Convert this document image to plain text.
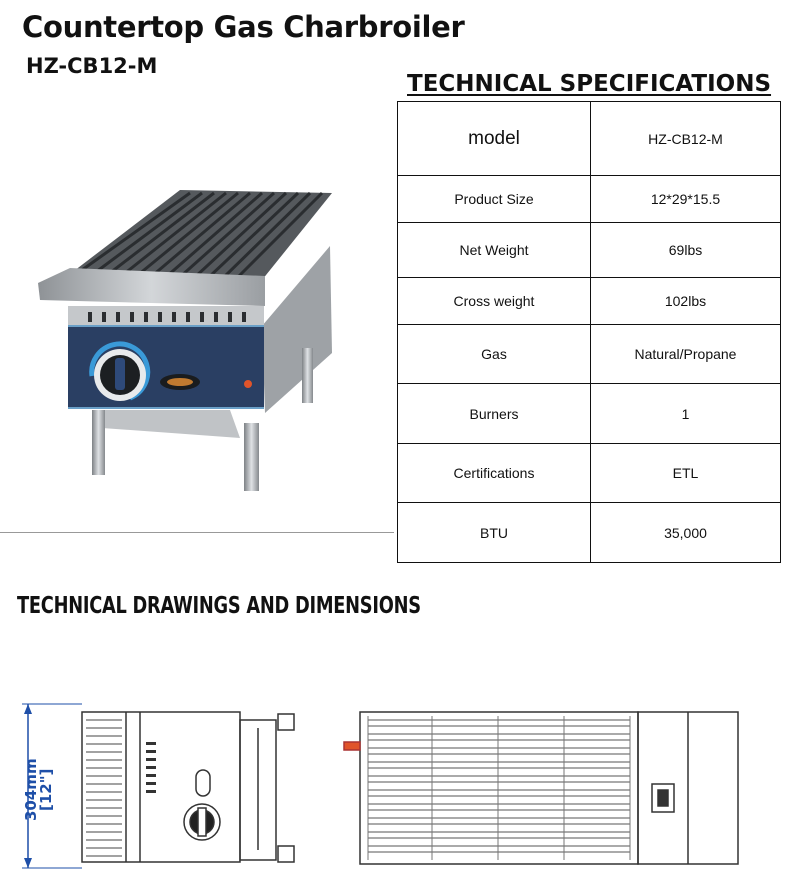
Countertop Gas Charbroiler
HZ-CB12-M
TECHNICAL SPECIFICATIONS
model	HZ-CB12-M
Product Size	12*29*15.5
Net Weight	69lbs
Cross weight	102lbs
Gas	Natural/Propane
Burners	1
Certifications	ETL
BTU	35,000
TECHNICAL DRAWINGS AND DIMENSIONS
304mm [12"]
